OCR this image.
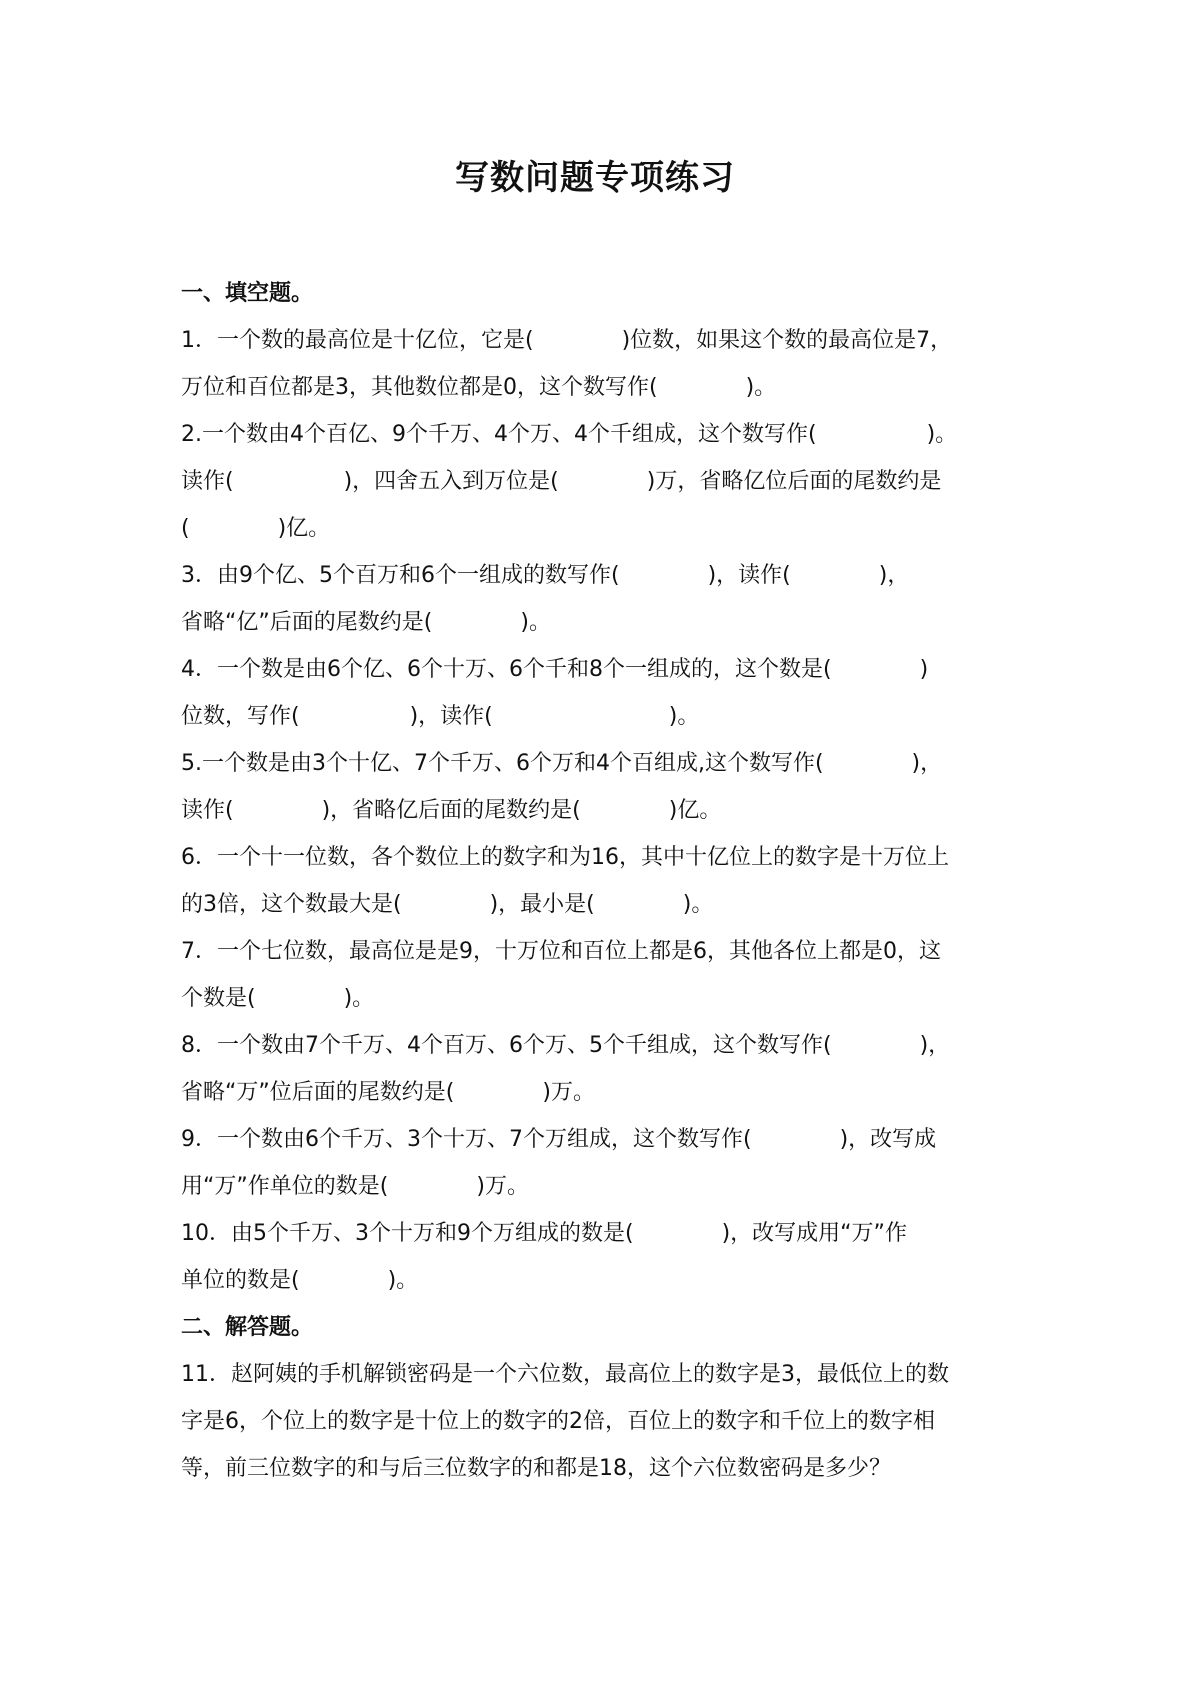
写数问题专项练习
一、填空题。
1．一个数的最高位是十亿位，它是(　　　　)位数，如果这个数的最高位是7，
万位和百位都是3，其他数位都是0，这个数写作(　　　　)。
2.一个数由4个百亿、9个千万、4个万、4个千组成，这个数写作(　　　　　)。
读作(　　　　　)，四舍五入到万位是(　　　　)万，省略亿位后面的尾数约是
(　　　　)亿。
3．由9个亿、5个百万和6个一组成的数写作(　　　　)，读作(　　　　)，
省略“亿”后面的尾数约是(　　　　)。
4．一个数是由6个亿、6个十万、6个千和8个一组成的，这个数是(　　　　)
位数，写作(　　　　　)，读作(　　　　　　　　)。
5.一个数是由3个十亿、7个千万、6个万和4个百组成,这个数写作(　　　　)，
读作(　　　　)，省略亿后面的尾数约是(　　　　)亿。
6．一个十一位数，各个数位上的数字和为16，其中十亿位上的数字是十万位上
的3倍，这个数最大是(　　　　)，最小是(　　　　)。
7．一个七位数，最高位是是9，十万位和百位上都是6，其他各位上都是0，这
个数是(　　　　)。
8．一个数由7个千万、4个百万、6个万、5个千组成，这个数写作(　　　　)，
省略“万”位后面的尾数约是(　　　　)万。
9．一个数由6个千万、3个十万、7个万组成，这个数写作(　　　　)，改写成
用“万”作单位的数是(　　　　)万。
10．由5个千万、3个十万和9个万组成的数是(　　　　)，改写成用“万”作
单位的数是(　　　　)。
二、解答题。
11．赵阿姨的手机解锁密码是一个六位数，最高位上的数字是3，最低位上的数
字是6，个位上的数字是十位上的数字的2倍，百位上的数字和千位上的数字相
等，前三位数字的和与后三位数字的和都是18，这个六位数密码是多少？
